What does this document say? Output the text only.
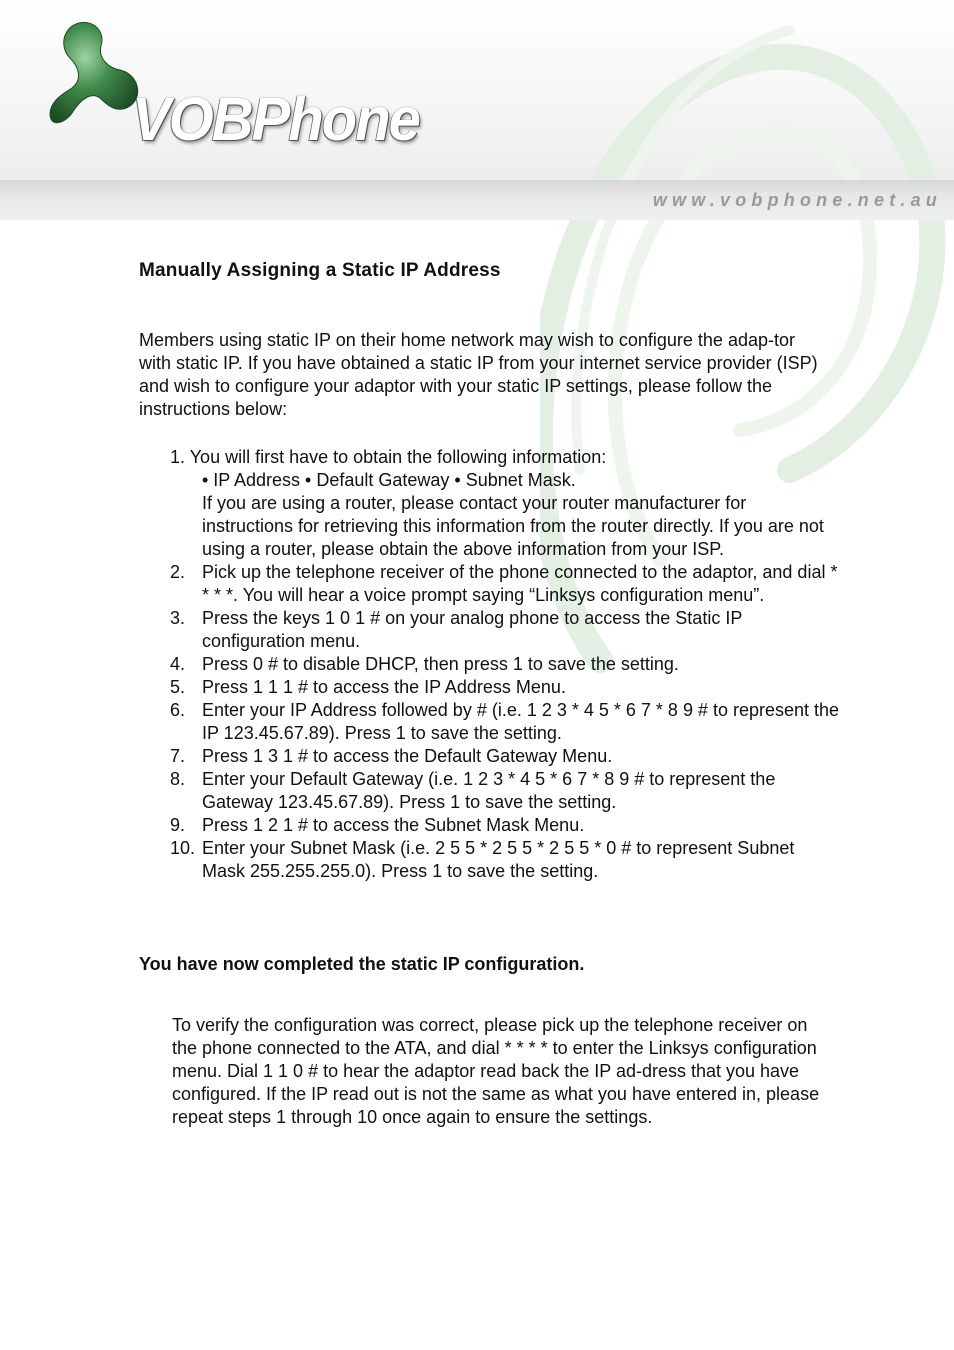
VOBPhone
www.vobphone.net.au
Manually Assigning a Static IP Address
Members using static IP on their home network may wish to configure the adap-tor with static IP. If you have obtained a static IP from your internet service provider (ISP) and wish to configure your adaptor with your static IP settings, please follow the instructions below:
1. You will first have to obtain the following information:
• IP Address • Default Gateway • Subnet Mask.
If you are using a router, please contact your router manufacturer for instructions for retrieving this information from the router directly. If you are not using a router, please obtain the above information from your ISP.
2. Pick up the telephone receiver of the phone connected to the adaptor, and dial * * * *. You will hear a voice prompt saying “Linksys configuration menu”.
3. Press the keys 1 0 1 # on your analog phone to access the Static IP configuration menu.
4. Press 0 # to disable DHCP, then press 1 to save the setting.
5. Press 1 1 1 # to access the IP Address Menu.
6. Enter your IP Address followed by # (i.e. 1 2 3 * 4 5 * 6 7 * 8 9 # to represent the IP 123.45.67.89). Press 1 to save the setting.
7. Press 1 3 1 # to access the Default Gateway Menu.
8. Enter your Default Gateway (i.e. 1 2 3 * 4 5 * 6 7 * 8 9 # to represent the Gateway 123.45.67.89). Press 1 to save the setting.
9. Press 1 2 1 # to access the Subnet Mask Menu.
10. Enter your Subnet Mask (i.e. 2 5 5 * 2 5 5 * 2 5 5 * 0 # to represent Subnet Mask 255.255.255.0). Press 1 to save the setting.
You have now completed the static IP configuration.
To verify the configuration was correct, please pick up the telephone receiver on the phone connected to the ATA, and dial * * * * to enter the Linksys configuration menu. Dial 1 1 0 # to hear the adaptor read back the IP ad-dress that you have configured. If the IP read out is not the same as what you have entered in, please repeat steps 1 through 10 once again to ensure the settings.
